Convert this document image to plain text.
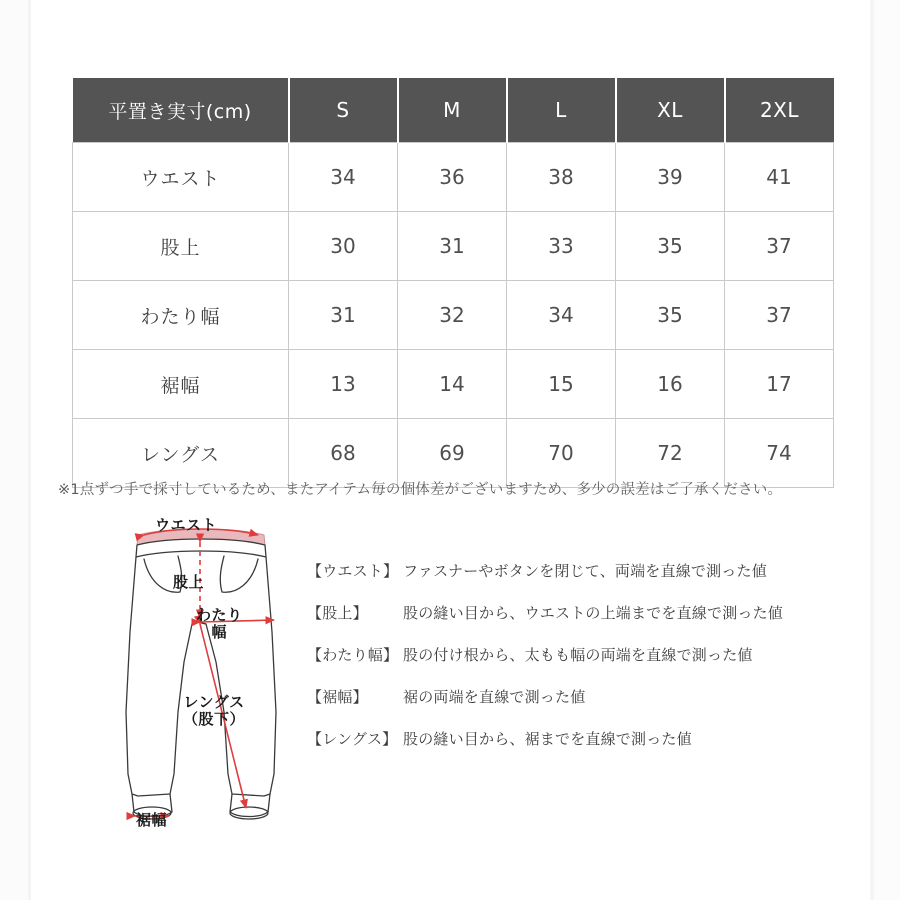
平置き実寸(cm)	S	M	L	XL	2XL
ウエスト	34	36	38	39	41
股上	30	31	33	35	37
わたり幅	31	32	34	35	37
裾幅	13	14	15	16	17
レングス	68	69	70	72	74
※1点ずつ手で採寸しているため、またアイテム毎の個体差がございますため、多少の誤差はご了承ください。
ウエスト
股上
わたり
幅
レングス
（股下）
裾幅
【ウエスト】 ファスナーやボタンを閉じて、両端を直線で測った値
【股上】	股の縫い目から、ウエストの上端までを直線で測った値
【わたり幅】 股の付け根から、太もも幅の両端を直線で測った値
【裾幅】	裾の両端を直線で測った値
【レングス】 股の縫い目から、裾までを直線で測った値
